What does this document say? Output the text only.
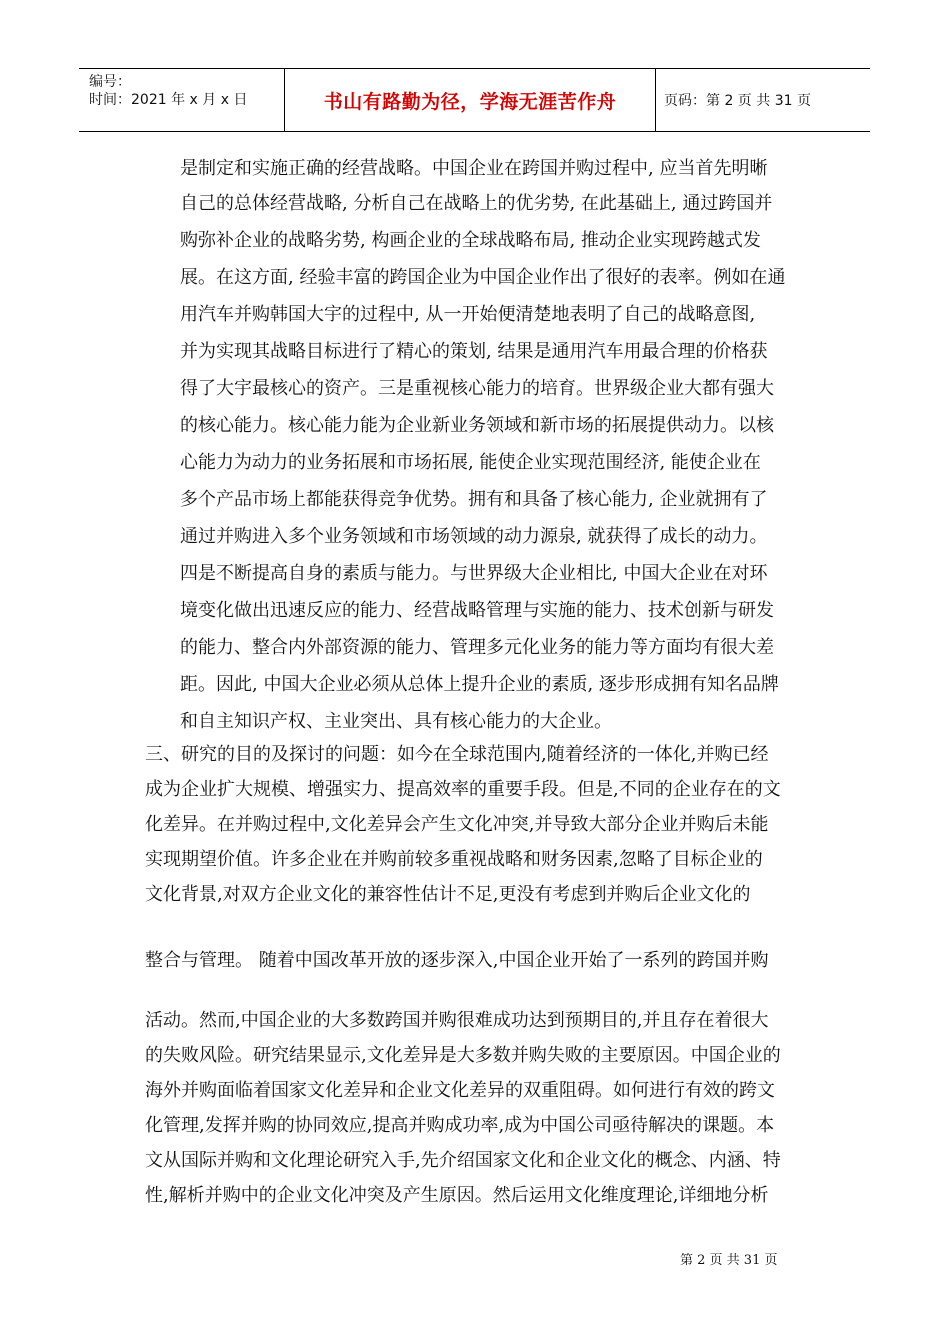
编号：
时间：2021 年 x 月 x 日	书山有路勤为径，学海无涯苦作舟	页码：第 2 页 共 31 页
是制定和实施正确的经营战略。中国企业在跨国并购过程中, 应当首先明晰
自己的总体经营战略, 分析自己在战略上的优劣势, 在此基础上, 通过跨国并
购弥补企业的战略劣势, 构画企业的全球战略布局, 推动企业实现跨越式发
展。在这方面, 经验丰富的跨国企业为中国企业作出了很好的表率。例如在通
用汽车并购韩国大宇的过程中, 从一开始便清楚地表明了自己的战略意图,
并为实现其战略目标进行了精心的策划, 结果是通用汽车用最合理的价格获
得了大宇最核心的资产。三是重视核心能力的培育。世界级企业大都有强大
的核心能力。核心能力能为企业新业务领域和新市场的拓展提供动力。以核
心能力为动力的业务拓展和市场拓展, 能使企业实现范围经济, 能使企业在
多个产品市场上都能获得竞争优势。拥有和具备了核心能力, 企业就拥有了
通过并购进入多个业务领域和市场领域的动力源泉, 就获得了成长的动力。
四是不断提高自身的素质与能力。与世界级大企业相比, 中国大企业在对环
境变化做出迅速反应的能力、经营战略管理与实施的能力、技术创新与研发
的能力、整合内外部资源的能力、管理多元化业务的能力等方面均有很大差
距。因此, 中国大企业必须从总体上提升企业的素质, 逐步形成拥有知名品牌
和自主知识产权、主业突出、具有核心能力的大企业。
三、研究的目的及探讨的问题：如今在全球范围内,随着经济的一体化,并购已经
成为企业扩大规模、增强实力、提高效率的重要手段。但是,不同的企业存在的文
化差异。在并购过程中,文化差异会产生文化冲突,并导致大部分企业并购后未能
实现期望价值。许多企业在并购前较多重视战略和财务因素,忽略了目标企业的
文化背景,对双方企业文化的兼容性估计不足,更没有考虑到并购后企业文化的
整合与管理。 随着中国改革开放的逐步深入,中国企业开始了一系列的跨国并购
活动。然而,中国企业的大多数跨国并购很难成功达到预期目的,并且存在着很大
的失败风险。研究结果显示,文化差异是大多数并购失败的主要原因。中国企业的
海外并购面临着国家文化差异和企业文化差异的双重阻碍。如何进行有效的跨文
化管理,发挥并购的协同效应,提高并购成功率,成为中国公司亟待解决的课题。本
文从国际并购和文化理论研究入手,先介绍国家文化和企业文化的概念、内涵、特
性,解析并购中的企业文化冲突及产生原因。然后运用文化维度理论,详细地分析
第 2 页 共 31 页
